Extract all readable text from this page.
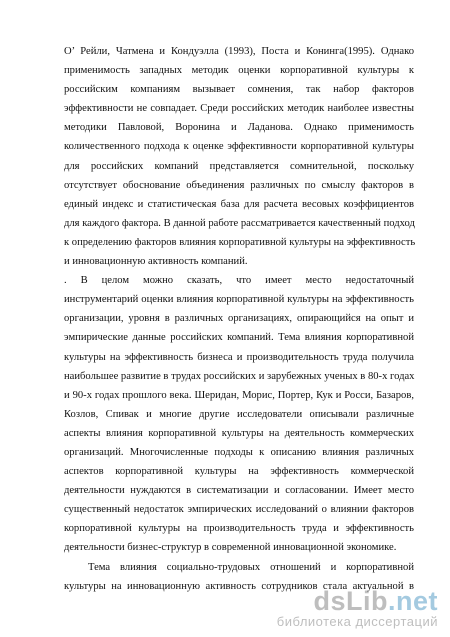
О’ Рейли, Чатмена и Кондуэлла (1993), Поста и Конинга(1995). Однако
применимость западных методик оценки корпоративной культуры к
российским компаниям вызывает сомнения, так набор факторов
эффективности не совпадает. Среди российских методик наиболее известны
методики Павловой, Воронина и Ладанова. Однако применимость
количественного подхода к оценке эффективности корпоративной культуры
для российских компаний представляется сомнительной, поскольку
отсутствует обоснование объединения различных по смыслу факторов в
единый индекс и статистическая база для расчета весовых коэффициентов
для каждого фактора. В данной работе рассматривается качественный подход
к определению факторов влияния корпоративной культуры на эффективность
и инновационную активность компаний.
. В целом можно сказать, что имеет место недостаточный
инструментарий оценки влияния корпоративной культуры на эффективность
организации, уровня в различных организациях, опирающийся на опыт и
эмпирические данные российских компаний. Тема влияния корпоративной
культуры на эффективность бизнеса и производительность труда получила
наибольшее развитие в трудах российских и зарубежных ученых в 80-х годах
и 90-х годах прошлого века. Шеридан, Морис, Портер, Кук и Росси, Базаров,
Козлов, Спивак и многие другие исследователи описывали различные
аспекты влияния корпоративной культуры на деятельность коммерческих
организаций. Многочисленные подходы к описанию влияния различных
аспектов корпоративной культуры на эффективность коммерческой
деятельности нуждаются в систематизации и согласовании. Имеет место
существенный недостаток эмпирических исследований о влиянии факторов
корпоративной культуры на производительность труда и эффективность
деятельности бизнес-структур в современной инновационной экономике.
Тема влияния социально-трудовых отношений и корпоративной
культуры на инновационную активность сотрудников стала актуальной в
dsLib.net
библиотека диссертаций
